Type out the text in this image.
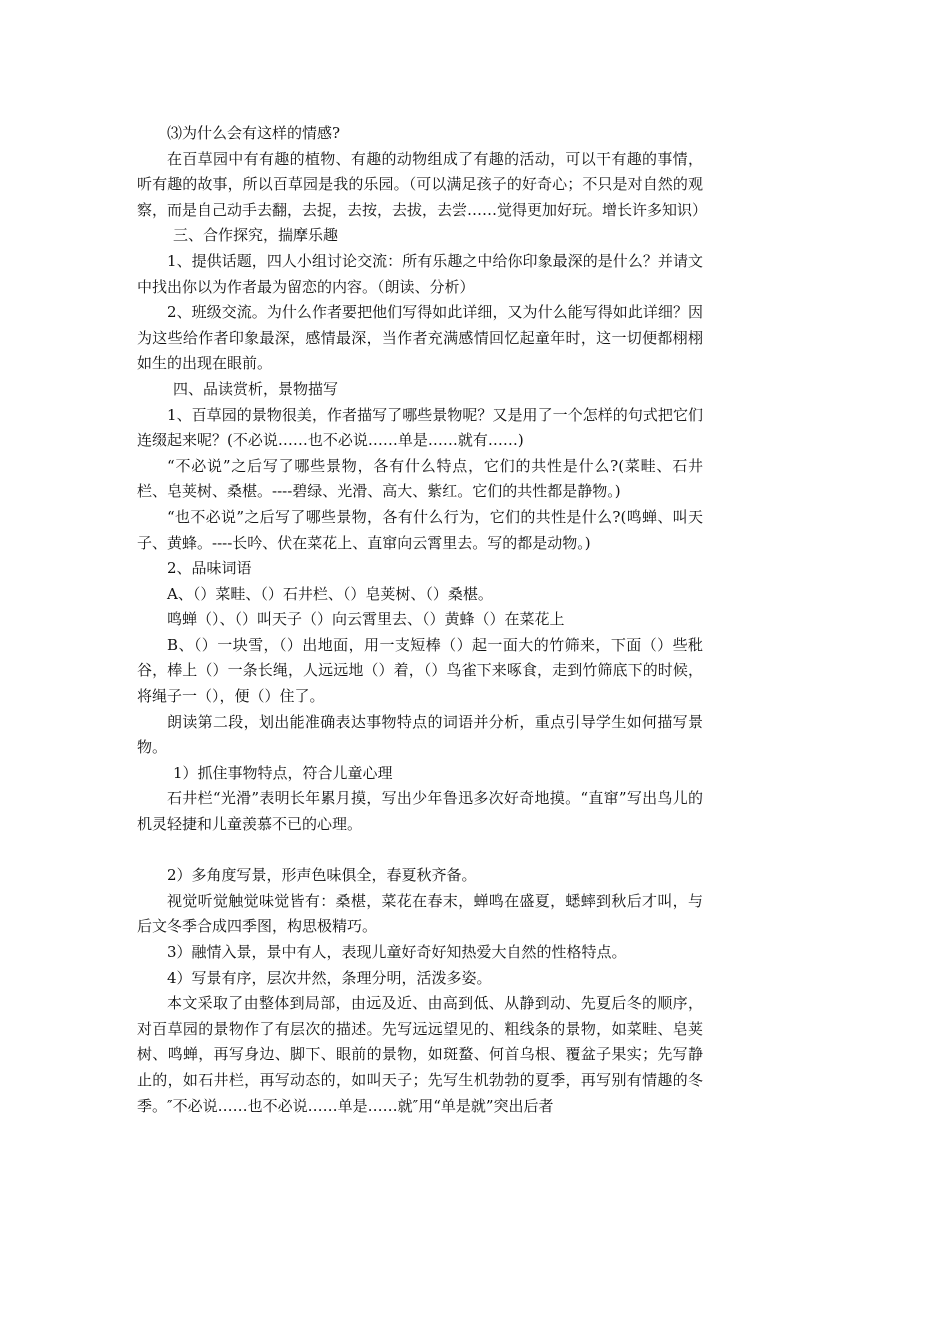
⑶为什么会有这样的情感?

在百草园中有有趣的植物、有趣的动物组成了有趣的活动，可以干有趣的事情，听有趣的故事，所以百草园是我的乐园。（可以满足孩子的好奇心；不只是对自然的观察，而是自己动手去翻，去捉，去按，去拔，去尝……觉得更加好玩。增长许多知识）

三、合作探究，揣摩乐趣

1、提供话题，四人小组讨论交流：所有乐趣之中给你印象最深的是什么？并请文中找出你以为作者最为留恋的内容。（朗读、分析）

2、班级交流。为什么作者要把他们写得如此详细，又为什么能写得如此详细？因为这些给作者印象最深，感情最深，当作者充满感情回忆起童年时，这一切便都栩栩如生的出现在眼前。

四、品读赏析，景物描写

1、百草园的景物很美，作者描写了哪些景物呢？又是用了一个怎样的句式把它们连缀起来呢？(不必说……也不必说……单是……就有……)

“不必说”之后写了哪些景物，各有什么特点，它们的共性是什么?(菜畦、石井栏、皂荚树、桑椹。----碧绿、光滑、高大、紫红。它们的共性都是静物。)

“也不必说”之后写了哪些景物，各有什么行为，它们的共性是什么?(鸣蝉、叫天子、黄蜂。----长吟、伏在菜花上、直窜向云霄里去。写的都是动物。)

2、品味词语

A、（）菜畦、（）石井栏、（）皂荚树、（）桑椹。

鸣蝉（）、（）叫天子（）向云霄里去、（）黄蜂（）在菜花上

B、（）一块雪，（）出地面，用一支短棒（）起一面大的竹筛来，下面（）些秕谷，棒上（）一条长绳，人远远地（）着，（）鸟雀下来啄食，走到竹筛底下的时候，将绳子一（），便（）住了。

朗读第二段，划出能准确表达事物特点的词语并分析，重点引导学生如何描写景物。

1）抓住事物特点，符合儿童心理

石井栏“光滑”表明长年累月摸，写出少年鲁迅多次好奇地摸。“直窜”写出鸟儿的机灵轻捷和儿童羡慕不已的心理。

2）多角度写景，形声色味俱全，春夏秋齐备。

视觉听觉触觉味觉皆有：桑椹，菜花在春末，蝉鸣在盛夏，蟋蟀到秋后才叫，与后文冬季合成四季图，构思极精巧。

3）融情入景，景中有人，表现儿童好奇好知热爱大自然的性格特点。

4）写景有序，层次井然，条理分明，活泼多姿。

本文采取了由整体到局部，由远及近、由高到低、从静到动、先夏后冬的顺序，对百草园的景物作了有层次的描述。先写远远望见的、粗线条的景物，如菜畦、皂荚树、鸣蝉，再写身边、脚下、眼前的景物，如斑蝥、何首乌根、覆盆子果实；先写静止的，如石井栏，再写动态的，如叫天子；先写生机勃勃的夏季，再写别有情趣的冬季。″不必说……也不必说……单是……就″用“单是就”突出后者
